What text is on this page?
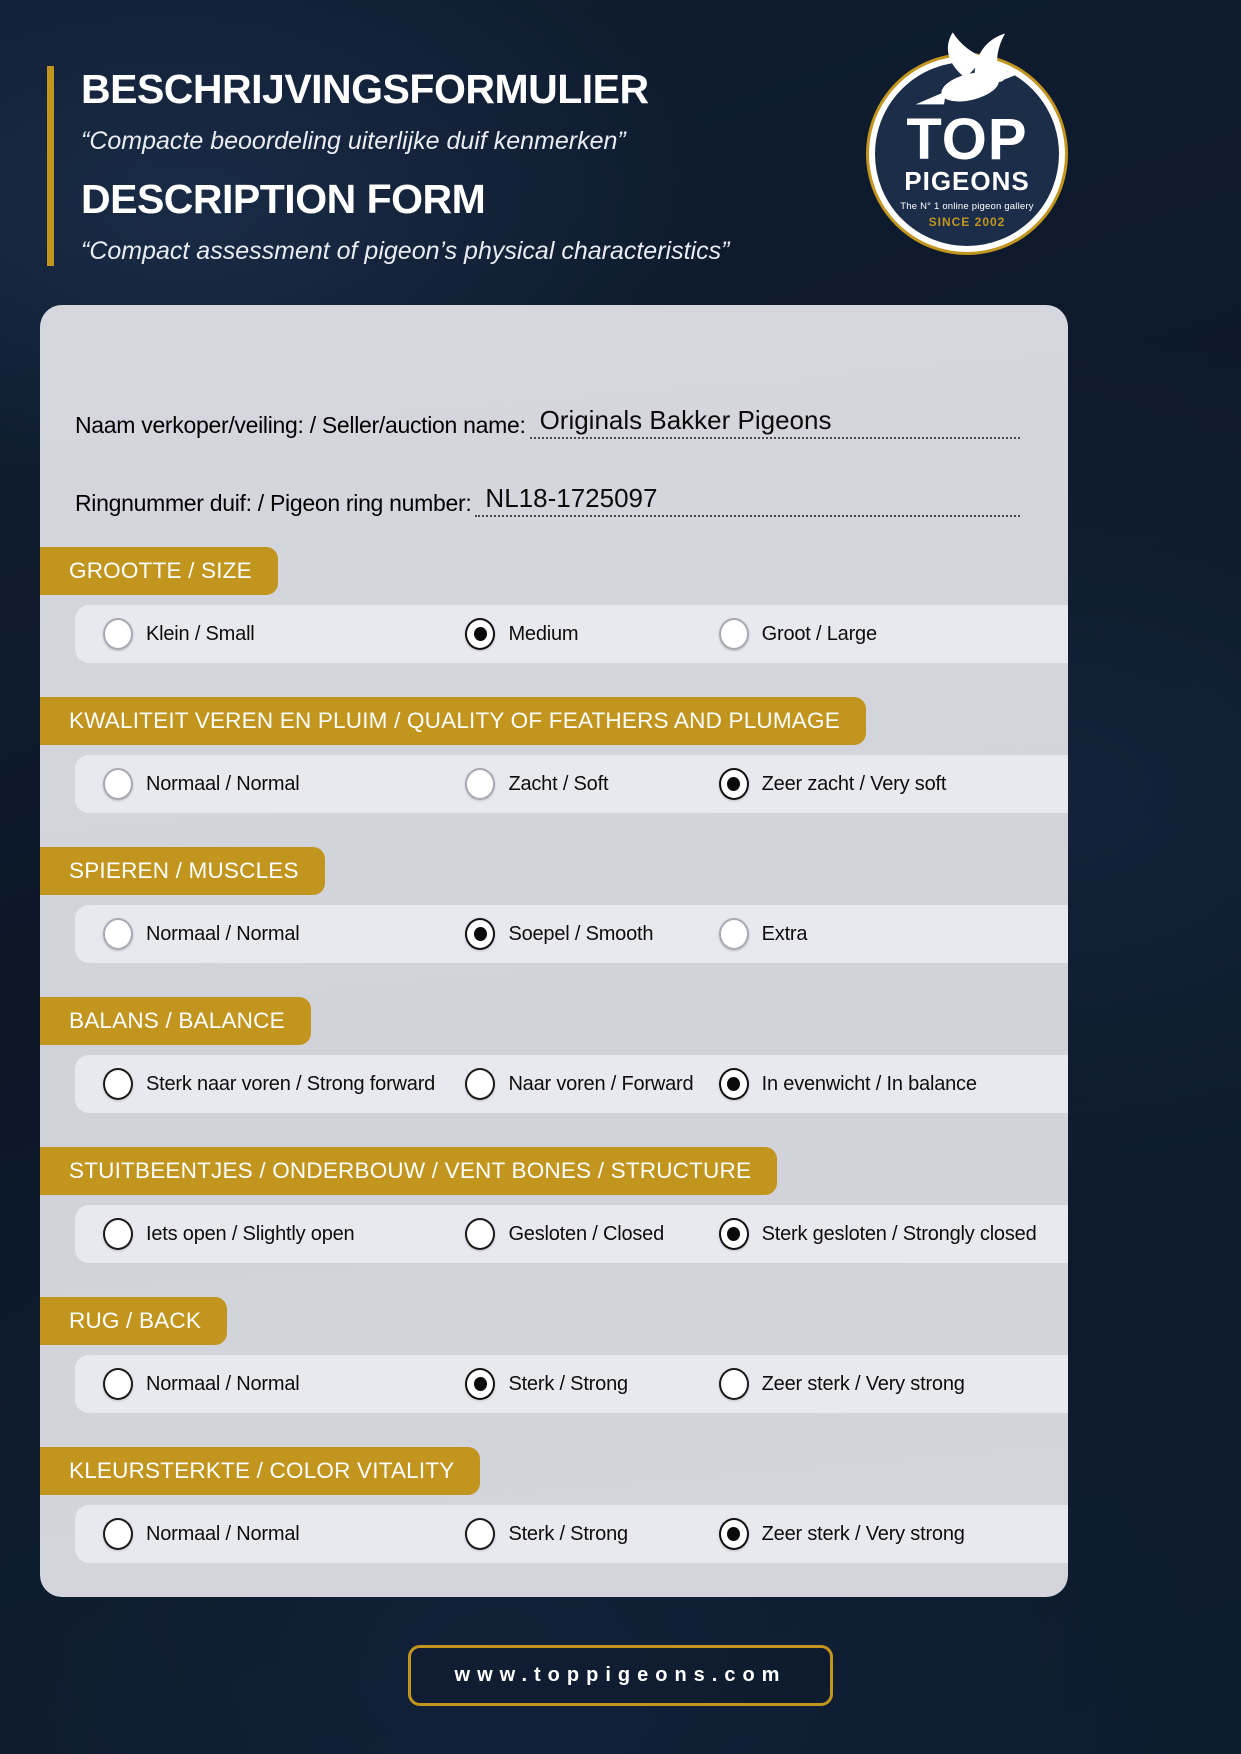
BESCHRIJVINGSFORMULIER
“Compacte beoordeling uiterlijke duif kenmerken”
DESCRIPTION FORM
“Compact assessment of pigeon’s physical characteristics”
TOP
PIGEONS
The N° 1 online pigeon gallery
SINCE 2002
Naam verkoper/veiling: / Seller/auction name: Originals Bakker Pigeons
Ringnummer duif: / Pigeon ring number: NL18-1725097
GROOTTE / SIZE
Klein / Small	Medium	Groot / Large
KWALITEIT VEREN EN PLUIM / QUALITY OF FEATHERS AND PLUMAGE
Normaal / Normal	Zacht / Soft	Zeer zacht / Very soft
SPIEREN / MUSCLES
Normaal / Normal	Soepel / Smooth	Extra
BALANS / BALANCE
Sterk naar voren / Strong forward	Naar voren / Forward	In evenwicht / In balance
STUITBEENTJES / ONDERBOUW / VENT BONES / STRUCTURE
Iets open / Slightly open	Gesloten / Closed	Sterk gesloten / Strongly closed
RUG / BACK
Normaal / Normal	Sterk / Strong	Zeer sterk / Very strong
KLEURSTERKTE / COLOR VITALITY
Normaal / Normal	Sterk / Strong	Zeer sterk / Very strong
www.toppigeons.com
